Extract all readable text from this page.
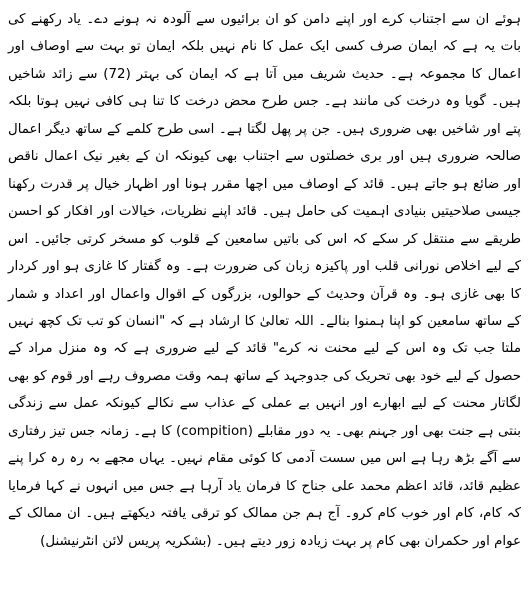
ہوئے ان سے اجتناب کرے اور اپنے دامن کو ان برائیوں سے آلودہ نہ ہونے دے۔ یاد رکھنے کی بات یہ ہے کہ ایمان صرف کسی ایک عمل کا نام نہیں بلکہ ایمان تو بہت سے اوصاف اور اعمال کا مجموعہ ہے۔ حدیث شریف میں آتا ہے کہ ایمان کی بہتر (72) سے زائد شاخیں ہیں۔ گویا وہ درخت کی مانند ہے۔ جس طرح محض درخت کا تنا ہی کافی نہیں ہوتا بلکہ پتے اور شاخیں بھی ضروری ہیں۔ جن پر پھل لگتا ہے۔ اسی طرح کلمے کے ساتھ دیگر اعمال صالحہ ضروری ہیں اور بری خصلتوں سے اجتناب بھی کیونکہ ان کے بغیر نیک اعمال ناقص اور ضائع ہو جاتے ہیں۔ قائد کے اوصاف میں اچھا مقرر ہونا اور اظہار خیال پر قدرت رکھنا جیسی صلاحیتیں بنیادی اہمیت کی حامل ہیں۔ قائد اپنے نظریات، خیالات اور افکار کو احسن طریقے سے منتقل کر سکے کہ اس کی باتیں سامعین کے قلوب کو مسخر کرتی جائیں۔ اس کے لیے اخلاص نورانی قلب اور پاکیزہ زبان کی ضرورت ہے۔ وہ گفتار کا غازی ہو اور کردار کا بھی غازی ہو۔ وہ قرآن وحدیث کے حوالوں، بزرگوں کے اقوال واعمال اور اعداد و شمار کے ساتھ سامعین کو اپنا ہمنوا بنالے۔ اللہ تعالیٰ کا ارشاد ہے کہ "انسان کو تب تک کچھ نہیں ملتا جب تک وہ اس کے لیے محنت نہ کرے" قائد کے لیے ضروری ہے کہ وہ منزل مراد کے حصول کے لیے خود بھی تحریک کی جدوجہد کے ساتھ ہمہ وقت مصروف رہے اور قوم کو بھی لگاتار محنت کے لیے ابھارے اور انہیں بے عملی کے عذاب سے نکالے کیونکہ عمل سے زندگی بنتی ہے جنت بھی اور جہنم بھی۔ یہ دور مقابلے (compition) کا ہے۔ زمانہ جس تیز رفتاری سے آگے بڑھ رہا ہے اس میں سست آدمی کا کوئی مقام نہیں۔ یہاں مجھے بہ رہ رہ کرا پنے عظیم قائد، قائد اعظم محمد علی جناح کا فرمان یاد آرہا ہے جس میں انہوں نے کہا فرمایا کہ کام، کام اور خوب کام کرو۔ آج ہم جن ممالک کو ترقی یافتہ دیکھتے ہیں۔ ان ممالک کے عوام اور حکمران بھی کام پر بہت زیادہ زور دیتے ہیں۔ (بشکریہ پریس لائن انٹرنیشنل)
